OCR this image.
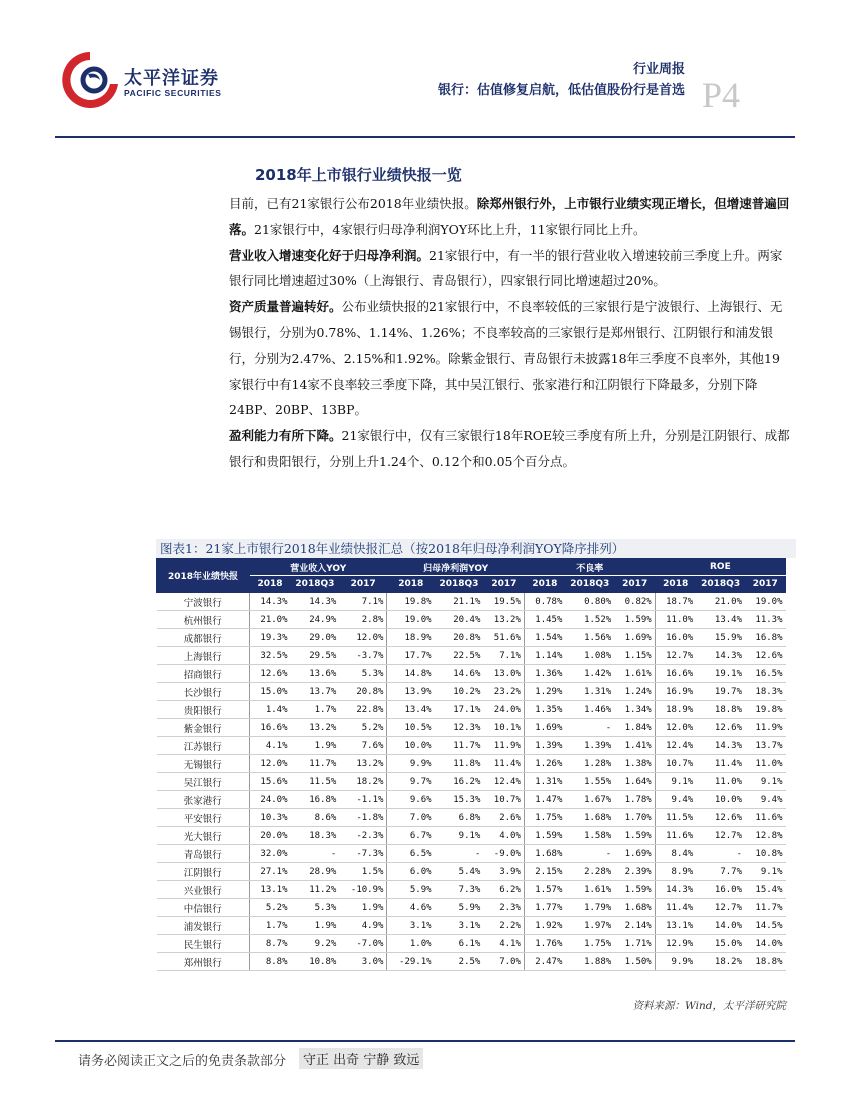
太平洋证券
PACIFIC SECURITIES
行业周报
银行：估值修复启航，低估值股份行是首选 P4
2018年上市银行业绩快报一览

目前，已有21家银行公布2018年业绩快报。除郑州银行外，上市银行业绩实现正增长，但增速普遍回落。21家银行中，4家银行归母净利润YOY环比上升，11家银行同比上升。

营业收入增速变化好于归母净利润。21家银行中，有一半的银行营业收入增速较前三季度上升。两家银行同比增速超过30%（上海银行、青岛银行），四家银行同比增速超过20%。

资产质量普遍转好。公布业绩快报的21家银行中，不良率较低的三家银行是宁波银行、上海银行、无锡银行，分别为0.78%、1.14%、1.26%；不良率较高的三家银行是郑州银行、江阴银行和浦发银行，分别为2.47%、2.15%和1.92%。除紫金银行、青岛银行未披露18年三季度不良率外，其他19家银行中有14家不良率较三季度下降，其中吴江银行、张家港行和江阴银行下降最多，分别下降24BP、20BP、13BP。

盈利能力有所下降。21家银行中，仅有三家银行18年ROE较三季度有所上升，分别是江阴银行、成都银行和贵阳银行，分别上升1.24个、0.12个和0.05个百分点。

图表1：21家上市银行2018年业绩快报汇总（按2018年归母净利润YOY降序排列）
2018年业绩快报	营业收入YOY			归母净利润YOY			不良率			ROE		
	2018	2018Q3	2017	2018	2018Q3	2017	2018	2018Q3	2017	2018	2018Q3	2017
宁波银行	14.3%	14.3%	7.1%	19.8%	21.1%	19.5%	0.78%	0.80%	0.82%	18.7%	21.0%	19.0%
杭州银行	21.0%	24.9%	2.8%	19.0%	20.4%	13.2%	1.45%	1.52%	1.59%	11.0%	13.4%	11.3%
成都银行	19.3%	29.0%	12.0%	18.9%	20.8%	51.6%	1.54%	1.56%	1.69%	16.0%	15.9%	16.8%
上海银行	32.5%	29.5%	-3.7%	17.7%	22.5%	7.1%	1.14%	1.08%	1.15%	12.7%	14.3%	12.6%
招商银行	12.6%	13.6%	5.3%	14.8%	14.6%	13.0%	1.36%	1.42%	1.61%	16.6%	19.1%	16.5%
长沙银行	15.0%	13.7%	20.8%	13.9%	10.2%	23.2%	1.29%	1.31%	1.24%	16.9%	19.7%	18.3%
贵阳银行	1.4%	1.7%	22.8%	13.4%	17.1%	24.0%	1.35%	1.46%	1.34%	18.9%	18.8%	19.8%
紫金银行	16.6%	13.2%	5.2%	10.5%	12.3%	10.1%	1.69%	-	1.84%	12.0%	12.6%	11.9%
江苏银行	4.1%	1.9%	7.6%	10.0%	11.7%	11.9%	1.39%	1.39%	1.41%	12.4%	14.3%	13.7%
无锡银行	12.0%	11.7%	13.2%	9.9%	11.8%	11.4%	1.26%	1.28%	1.38%	10.7%	11.4%	11.0%
吴江银行	15.6%	11.5%	18.2%	9.7%	16.2%	12.4%	1.31%	1.55%	1.64%	9.1%	11.0%	9.1%
张家港行	24.0%	16.8%	-1.1%	9.6%	15.3%	10.7%	1.47%	1.67%	1.78%	9.4%	10.0%	9.4%
平安银行	10.3%	8.6%	-1.8%	7.0%	6.8%	2.6%	1.75%	1.68%	1.70%	11.5%	12.6%	11.6%
光大银行	20.0%	18.3%	-2.3%	6.7%	9.1%	4.0%	1.59%	1.58%	1.59%	11.6%	12.7%	12.8%
青岛银行	32.0%	-	-7.3%	6.5%	-	-9.0%	1.68%	-	1.69%	8.4%	-	10.8%
江阴银行	27.1%	28.9%	1.5%	6.0%	5.4%	3.9%	2.15%	2.28%	2.39%	8.9%	7.7%	9.1%
兴业银行	13.1%	11.2%	-10.9%	5.9%	7.3%	6.2%	1.57%	1.61%	1.59%	14.3%	16.0%	15.4%
中信银行	5.2%	5.3%	1.9%	4.6%	5.9%	2.3%	1.77%	1.79%	1.68%	11.4%	12.7%	11.7%
浦发银行	1.7%	1.9%	4.9%	3.1%	3.1%	2.2%	1.92%	1.97%	2.14%	13.1%	14.0%	14.5%
民生银行	8.7%	9.2%	-7.0%	1.0%	6.1%	4.1%	1.76%	1.75%	1.71%	12.9%	15.0%	14.0%
郑州银行	8.8%	10.8%	3.0%	-29.1%	2.5%	7.0%	2.47%	1.88%	1.50%	9.9%	18.2%	18.8%
资料来源：Wind，太平洋研究院
请务必阅读正文之后的免责条款部分	守正 出奇 宁静 致远
